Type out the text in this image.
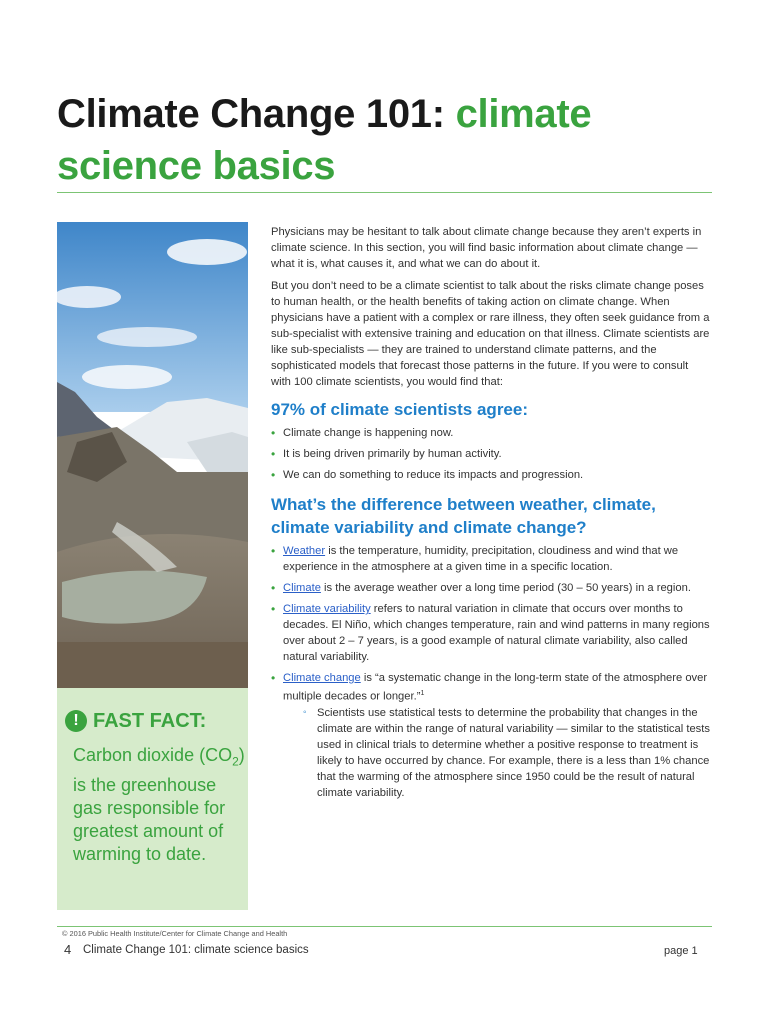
Climate Change 101: climate science basics
! FAST FACT:
Carbon dioxide $(CO_2)$ is the greenhouse gas responsible for greatest amount of warming to date.

Physicians may be hesitant to talk about climate change because they aren’t experts in climate science. In this section, you will find basic information about climate change — what it is, what causes it, and what we can do about it.

But you don’t need to be a climate scientist to talk about the risks climate change poses to human health, or the health benefits of taking action on climate change. When physicians have a patient with a complex or rare illness, they often seek guidance from a sub-specialist with extensive training and education on that illness. Climate scientists are like sub-specialists — they are trained to understand climate patterns, and the sophisticated models that forecast those patterns in the future. If you were to consult with 100 climate scientists, you would find that:

97% of climate scientists agree:
• Climate change is happening now.
• It is being driven primarily by human activity.
• We can do something to reduce its impacts and progression.
What’s the difference between weather, climate, climate variability and climate change?
• Weather is the temperature, humidity, precipitation, cloudiness and wind that we experience in the atmosphere at a given time in a specific location.
• Climate is the average weather over a long time period (30 – 50 years) in a region.
• Climate variability refers to natural variation in climate that occurs over months to decades. El Niño, which changes temperature, rain and wind patterns in many regions over about 2 – 7 years, is a good example of natural climate variability, also called natural variability.
• Climate change is “a systematic change in the long-term state of the atmosphere over multiple decades or longer.”$^1$
◦ Scientists use statistical tests to determine the probability that changes in the climate are within the range of natural variability — similar to the statistical tests used in clinical trials to determine whether a positive response to treatment is likely to have occurred by chance. For example, there is a less than 1% chance that the warming of the atmosphere since 1950 could be the result of natural climate variability.
© 2016 Public Health Institute/Center for Climate Change and Health
4 Climate Change 101: climate science basics	page 1
